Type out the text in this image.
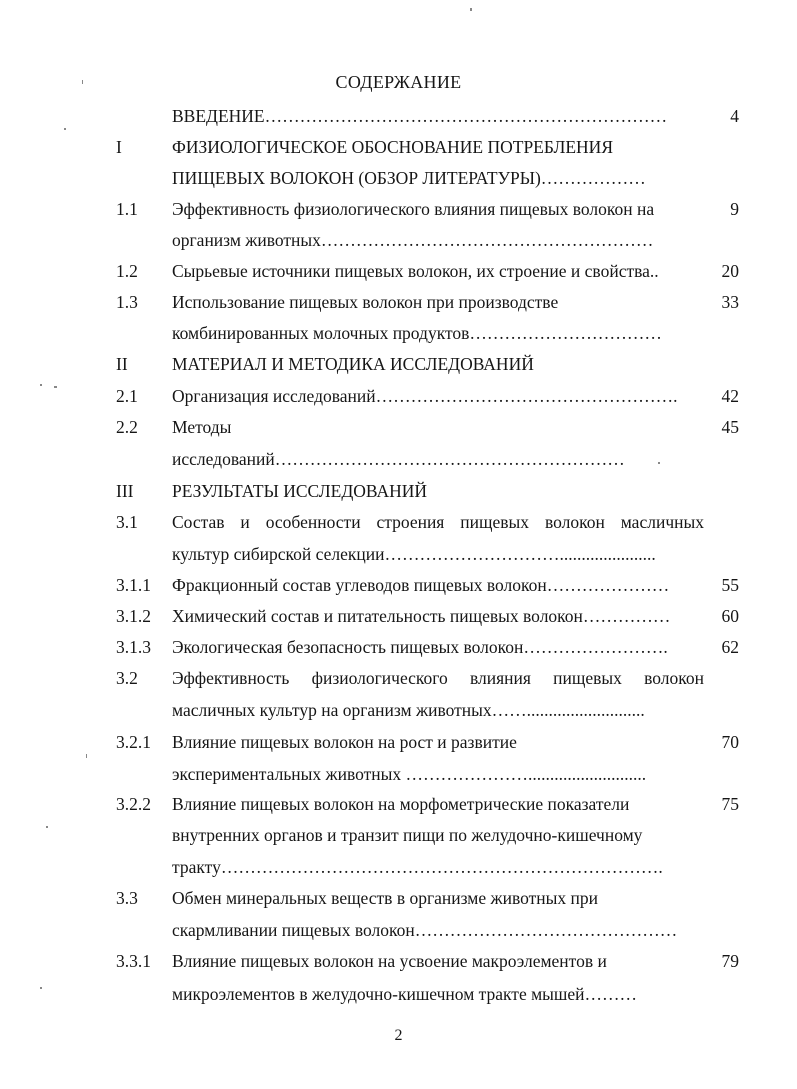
СОДЕРЖАНИЕ
ВВЕДЕНИЕ……………………………………………………………	4
I	ФИЗИОЛОГИЧЕСКОЕ ОБОСНОВАНИЕ ПОТРЕБЛЕНИЯ
ПИЩЕВЫХ ВОЛОКОН (ОБЗОР ЛИТЕРАТУРЫ)………………
1.1 Эффективность физиологического влияния пищевых волокон на	9
организм животных…………………………………………………
1.2 Сырьевые источники пищевых волокон, их строение и свойства..	20
1.3 Использование пищевых волокон при производстве	33
комбинированных молочных продуктов……………………………
II	МАТЕРИАЛ И МЕТОДИКА ИССЛЕДОВАНИЙ
2.1 Организация исследований…………………………………………….	42
2.2 Методы	45
исследований……………………………………………………
III РЕЗУЛЬТАТЫ ИССЛЕДОВАНИЙ
3.1 Состав и особенности строения пищевых волокон масличных
культур сибирской селекции…………………………......................
3.1.1 Фракционный состав углеводов пищевых волокон…………………	55
3.1.2 Химический состав и питательность пищевых волокон……………	60
3.1.3 Экологическая безопасность пищевых волокон…………………….	62
3.2 Эффективность физиологического влияния пищевых волокон
масличных культур на организм животных……...........................
3.2.1 Влияние пищевых волокон на рост и развитие	70
экспериментальных животных …………………...........................
3.2.2 Влияние пищевых волокон на морфометрические показатели	75
внутренних органов и транзит пищи по желудочно-кишечному
тракту………………………………………………………………….
3.3 Обмен минеральных веществ в организме животных при
скармливании пищевых волокон………………………………………
3.3.1 Влияние пищевых волокон на усвоение макроэлементов и	79
микроэлементов в желудочно-кишечном тракте мышей………
2
